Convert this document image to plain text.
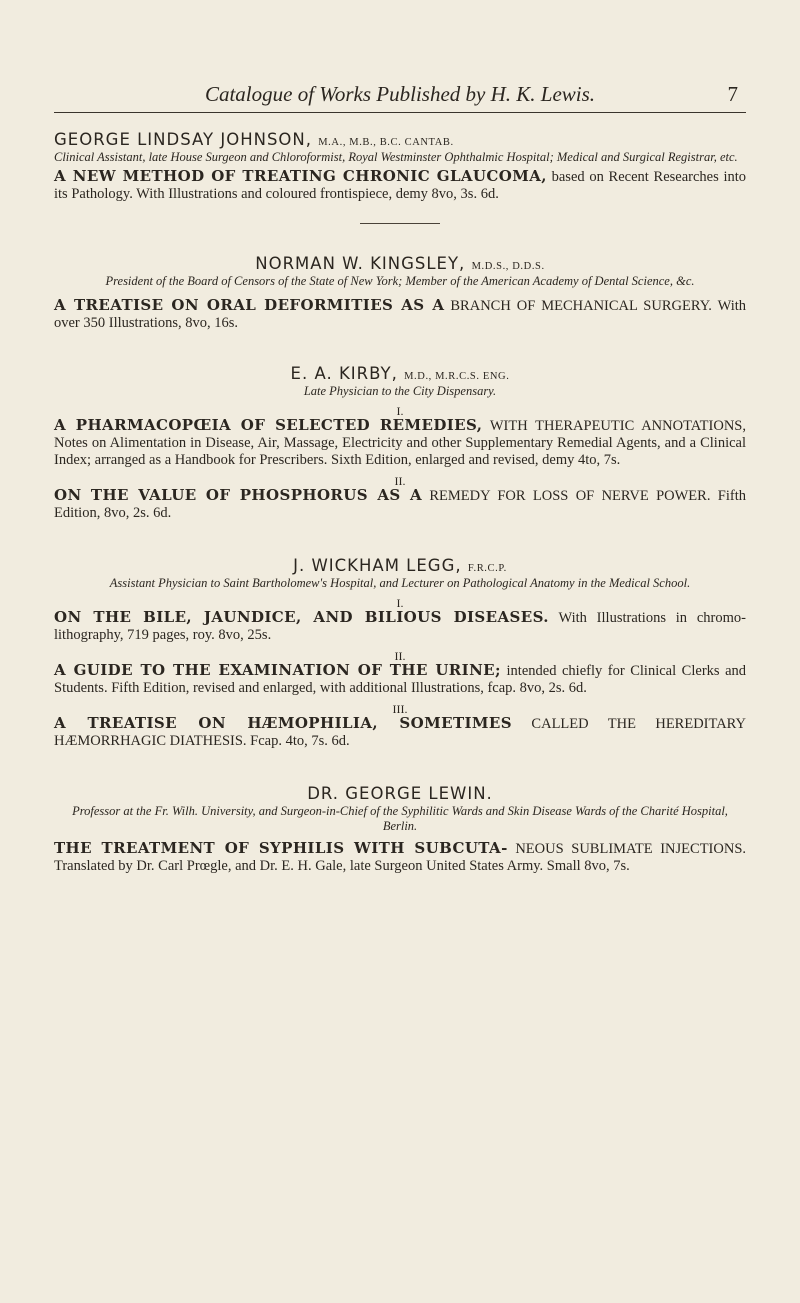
Catalogue of Works Published by H. K. Lewis.	7

GEORGE LINDSAY JOHNSON, M.A., M.B., B.C. CANTAB.

Clinical Assistant, late House Surgeon and Chloroformist, Royal Westminster Ophthalmic Hospital; Medical and Surgical Registrar, etc.

A NEW METHOD OF TREATING CHRONIC GLAUCOMA, based on Recent Researches into its Pathology. With Illustrations and coloured frontispiece, demy 8vo, 3s. 6d.

NORMAN W. KINGSLEY, M.D.S., D.D.S.

President of the Board of Censors of the State of New York; Member of the American Academy of Dental Science, &c.

A TREATISE ON ORAL DEFORMITIES AS A BRANCH OF MECHANICAL SURGERY. With over 350 Illustrations, 8vo, 16s.

E. A. KIRBY, M.D., M.R.C.S. ENG.

Late Physician to the City Dispensary.

I.

A PHARMACOPŒIA OF SELECTED REMEDIES, WITH THERAPEUTIC ANNOTATIONS, Notes on Alimentation in Disease, Air, Massage, Electricity and other Supplementary Remedial Agents, and a Clinical Index; arranged as a Handbook for Prescribers. Sixth Edition, enlarged and revised, demy 4to, 7s.

II.

ON THE VALUE OF PHOSPHORUS AS A REMEDY FOR LOSS OF NERVE POWER. Fifth Edition, 8vo, 2s. 6d.

J. WICKHAM LEGG, F.R.C.P.

Assistant Physician to Saint Bartholomew's Hospital, and Lecturer on Pathological Anatomy in the Medical School.

I.

ON THE BILE, JAUNDICE, AND BILIOUS DISEASES. With Illustrations in chromo-lithography, 719 pages, roy. 8vo, 25s.

II.

A GUIDE TO THE EXAMINATION OF THE URINE; intended chiefly for Clinical Clerks and Students. Fifth Edition, revised and enlarged, with additional Illustrations, fcap. 8vo, 2s. 6d.

III.

A TREATISE ON HÆMOPHILIA, SOMETIMES CALLED THE HEREDITARY HÆMORRHAGIC DIATHESIS. Fcap. 4to, 7s. 6d.

DR. GEORGE LEWIN.

Professor at the Fr. Wilh. University, and Surgeon-in-Chief of the Syphilitic Wards and Skin Disease Wards of the Charité Hospital, Berlin.

THE TREATMENT OF SYPHILIS WITH SUBCUTA- NEOUS SUBLIMATE INJECTIONS. Translated by Dr. Carl Prœgle, and Dr. E. H. Gale, late Surgeon United States Army. Small 8vo, 7s.
